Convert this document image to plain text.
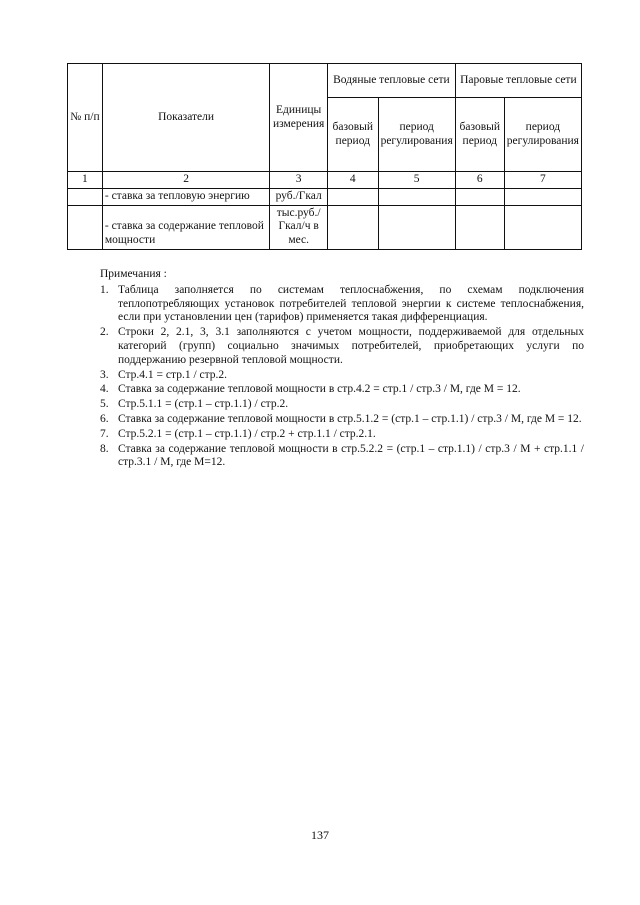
№ п/п	Показатели	Единицы измерения	Водяные тепловые сети		Паровые тепловые сети	
			базовый период	период регулирования	базовый период	период регулирования
1	2	3	4	5	6	7
	- ставка за тепловую энергию	руб./Гкал				
	- ставка за содержание тепловой мощности	тыс.руб./ Гкал/ч в мес.				

Примечания :

1. Таблица заполняется по системам теплоснабжения, по схемам подключения теплопотребляющих установок потребителей тепловой энергии к системе теплоснабжения, если при установлении цен (тарифов) применяется такая дифференциация.
2. Строки 2, 2.1, 3, 3.1 заполняются с учетом мощности, поддерживаемой для отдельных категорий (групп) социально значимых потребителей, приобретающих услуги по поддержанию резервной тепловой мощности.
3. Стр.4.1 = стр.1 / стр.2.
4. Ставка за содержание тепловой мощности в стр.4.2 = стр.1 / стр.3 / М, где М = 12.
5. Стр.5.1.1 = (стр.1 – стр.1.1) / стр.2.
6. Ставка за содержание тепловой мощности в стр.5.1.2 = (стр.1 – стр.1.1) / стр.3 / М, где М = 12.
7. Стр.5.2.1 = (стр.1 – стр.1.1) / стр.2 + стр.1.1 / стр.2.1.
8. Ставка за содержание тепловой мощности в стр.5.2.2 = (стр.1 – стр.1.1) / стр.3 / М + стр.1.1 / стр.3.1 / М, где М=12.
137
